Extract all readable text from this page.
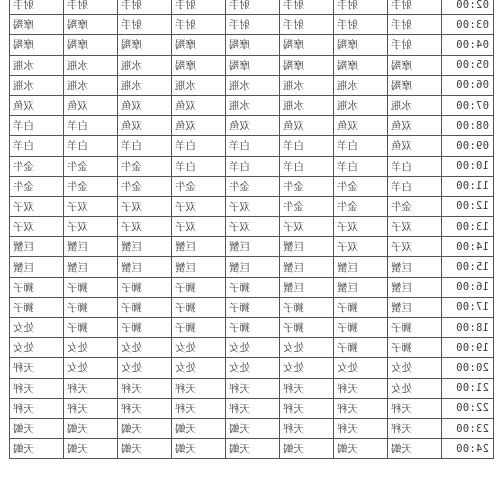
02:00	射手	射手	射手	射手	射手	射手	射手	射手
03:00	射手	射手	射手	射手	射手	射手	摩羯	摩羯
04:00	射手	摩羯	摩羯	摩羯	摩羯	摩羯	摩羯	摩羯
05:00	摩羯	摩羯	摩羯	摩羯	摩羯	水瓶	水瓶	水瓶
06:00	摩羯	水瓶	水瓶	水瓶	水瓶	水瓶	水瓶	水瓶
07:00	水瓶	水瓶	水瓶	水瓶	双鱼	双鱼	双鱼	双鱼
08:00	双鱼	双鱼	双鱼	双鱼	双鱼	双鱼	白羊	白羊
09:00	双鱼	白羊	白羊	白羊	白羊	白羊	白羊	白羊
10:00	白羊	白羊	白羊	白羊	白羊	金牛	金牛	金牛
11:00	白羊	金牛	金牛	金牛	金牛	金牛	金牛	金牛
12:00	金牛	金牛	金牛	双子	双子	双子	双子	双子
13:00	双子	双子	双子	双子	双子	双子	双子	双子
14:00	双子	双子	巨蟹	巨蟹	巨蟹	巨蟹	巨蟹	巨蟹
15:00	巨蟹	巨蟹	巨蟹	巨蟹	巨蟹	巨蟹	巨蟹	巨蟹
16:00	巨蟹	巨蟹	巨蟹	狮子	狮子	狮子	狮子	狮子
17:00	巨蟹	狮子	狮子	狮子	狮子	狮子	狮子	狮子
18:00	狮子	狮子	狮子	狮子	狮子	狮子	狮子	处女
19:00	狮子	狮子	处女	处女	处女	处女	处女	处女
20:00	处女	处女	处女	处女	处女	处女	处女	天秤
21:00	处女	天秤	天秤	天秤	天秤	天秤	天秤	天秤
22:00	天秤	天秤	天秤	天秤	天秤	天秤	天秤	天秤
23:00	天秤	天秤	天秤	天蝎	天蝎	天蝎	天蝎	天蝎
24:00	天蝎	天蝎	天蝎	天蝎	天蝎	天蝎	天蝎	天蝎
